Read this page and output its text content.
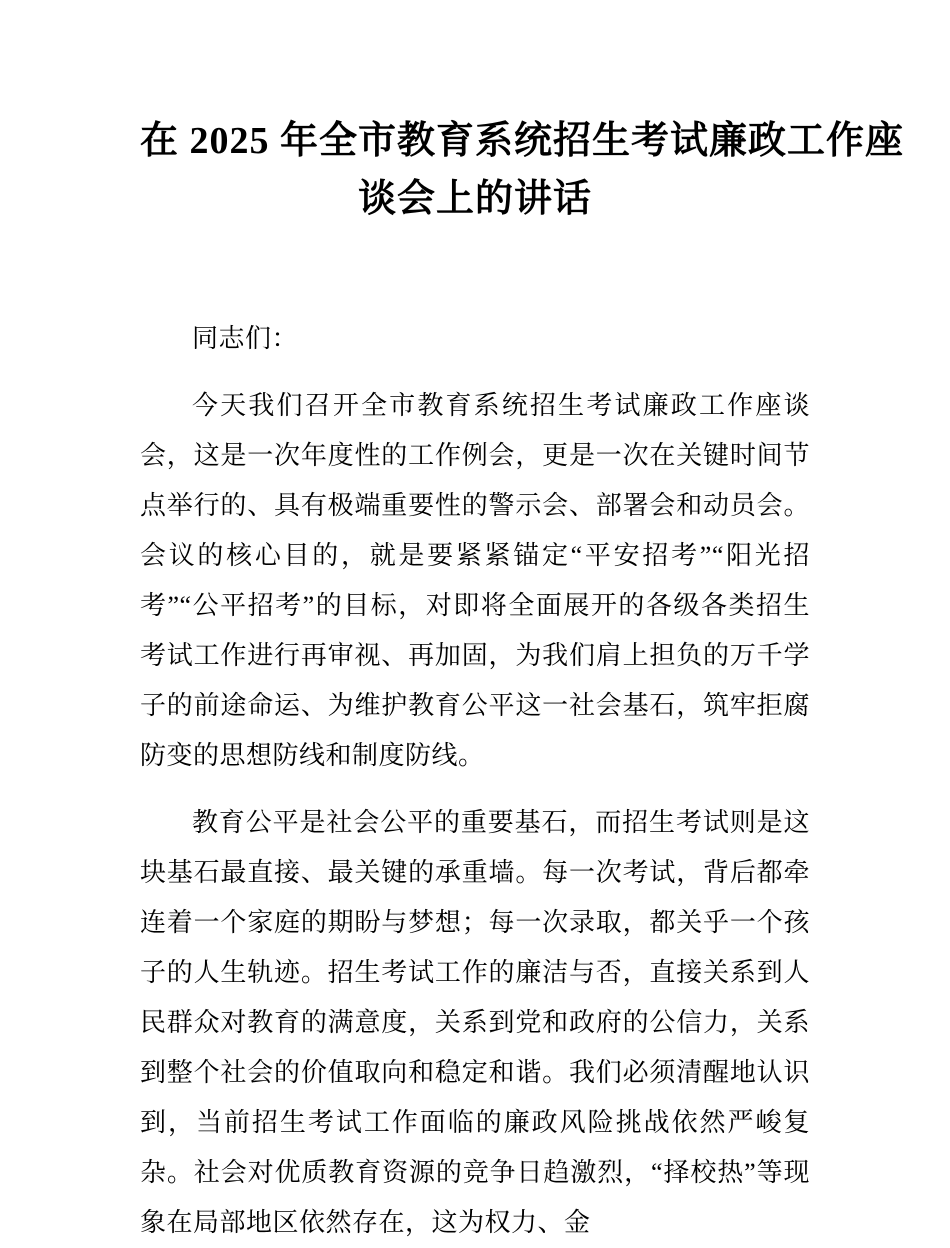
在 2025 年全市教育系统招生考试廉政工作座
谈会上的讲话

同志们：

今天我们召开全市教育系统招生考试廉政工作座谈会，这是一次年度性的工作例会，更是一次在关键时间节点举行的、具有极端重要性的警示会、部署会和动员会。会议的核心目的，就是要紧紧锚定“平安招考”“阳光招考”“公平招考”的目标，对即将全面展开的各级各类招生考试工作进行再审视、再加固，为我们肩上担负的万千学子的前途命运、为维护教育公平这一社会基石，筑牢拒腐防变的思想防线和制度防线。

教育公平是社会公平的重要基石，而招生考试则是这块基石最直接、最关键的承重墙。每一次考试，背后都牵连着一个家庭的期盼与梦想；每一次录取，都关乎一个孩子的人生轨迹。招生考试工作的廉洁与否，直接关系到人民群众对教育的满意度，关系到党和政府的公信力，关系到整个社会的价值取向和稳定和谐。我们必须清醒地认识到，当前招生考试工作面临的廉政风险挑战依然严峻复杂。社会对优质教育资源的竞争日趋激烈，“择校热”等现象在局部地区依然存在，这为权力、金
